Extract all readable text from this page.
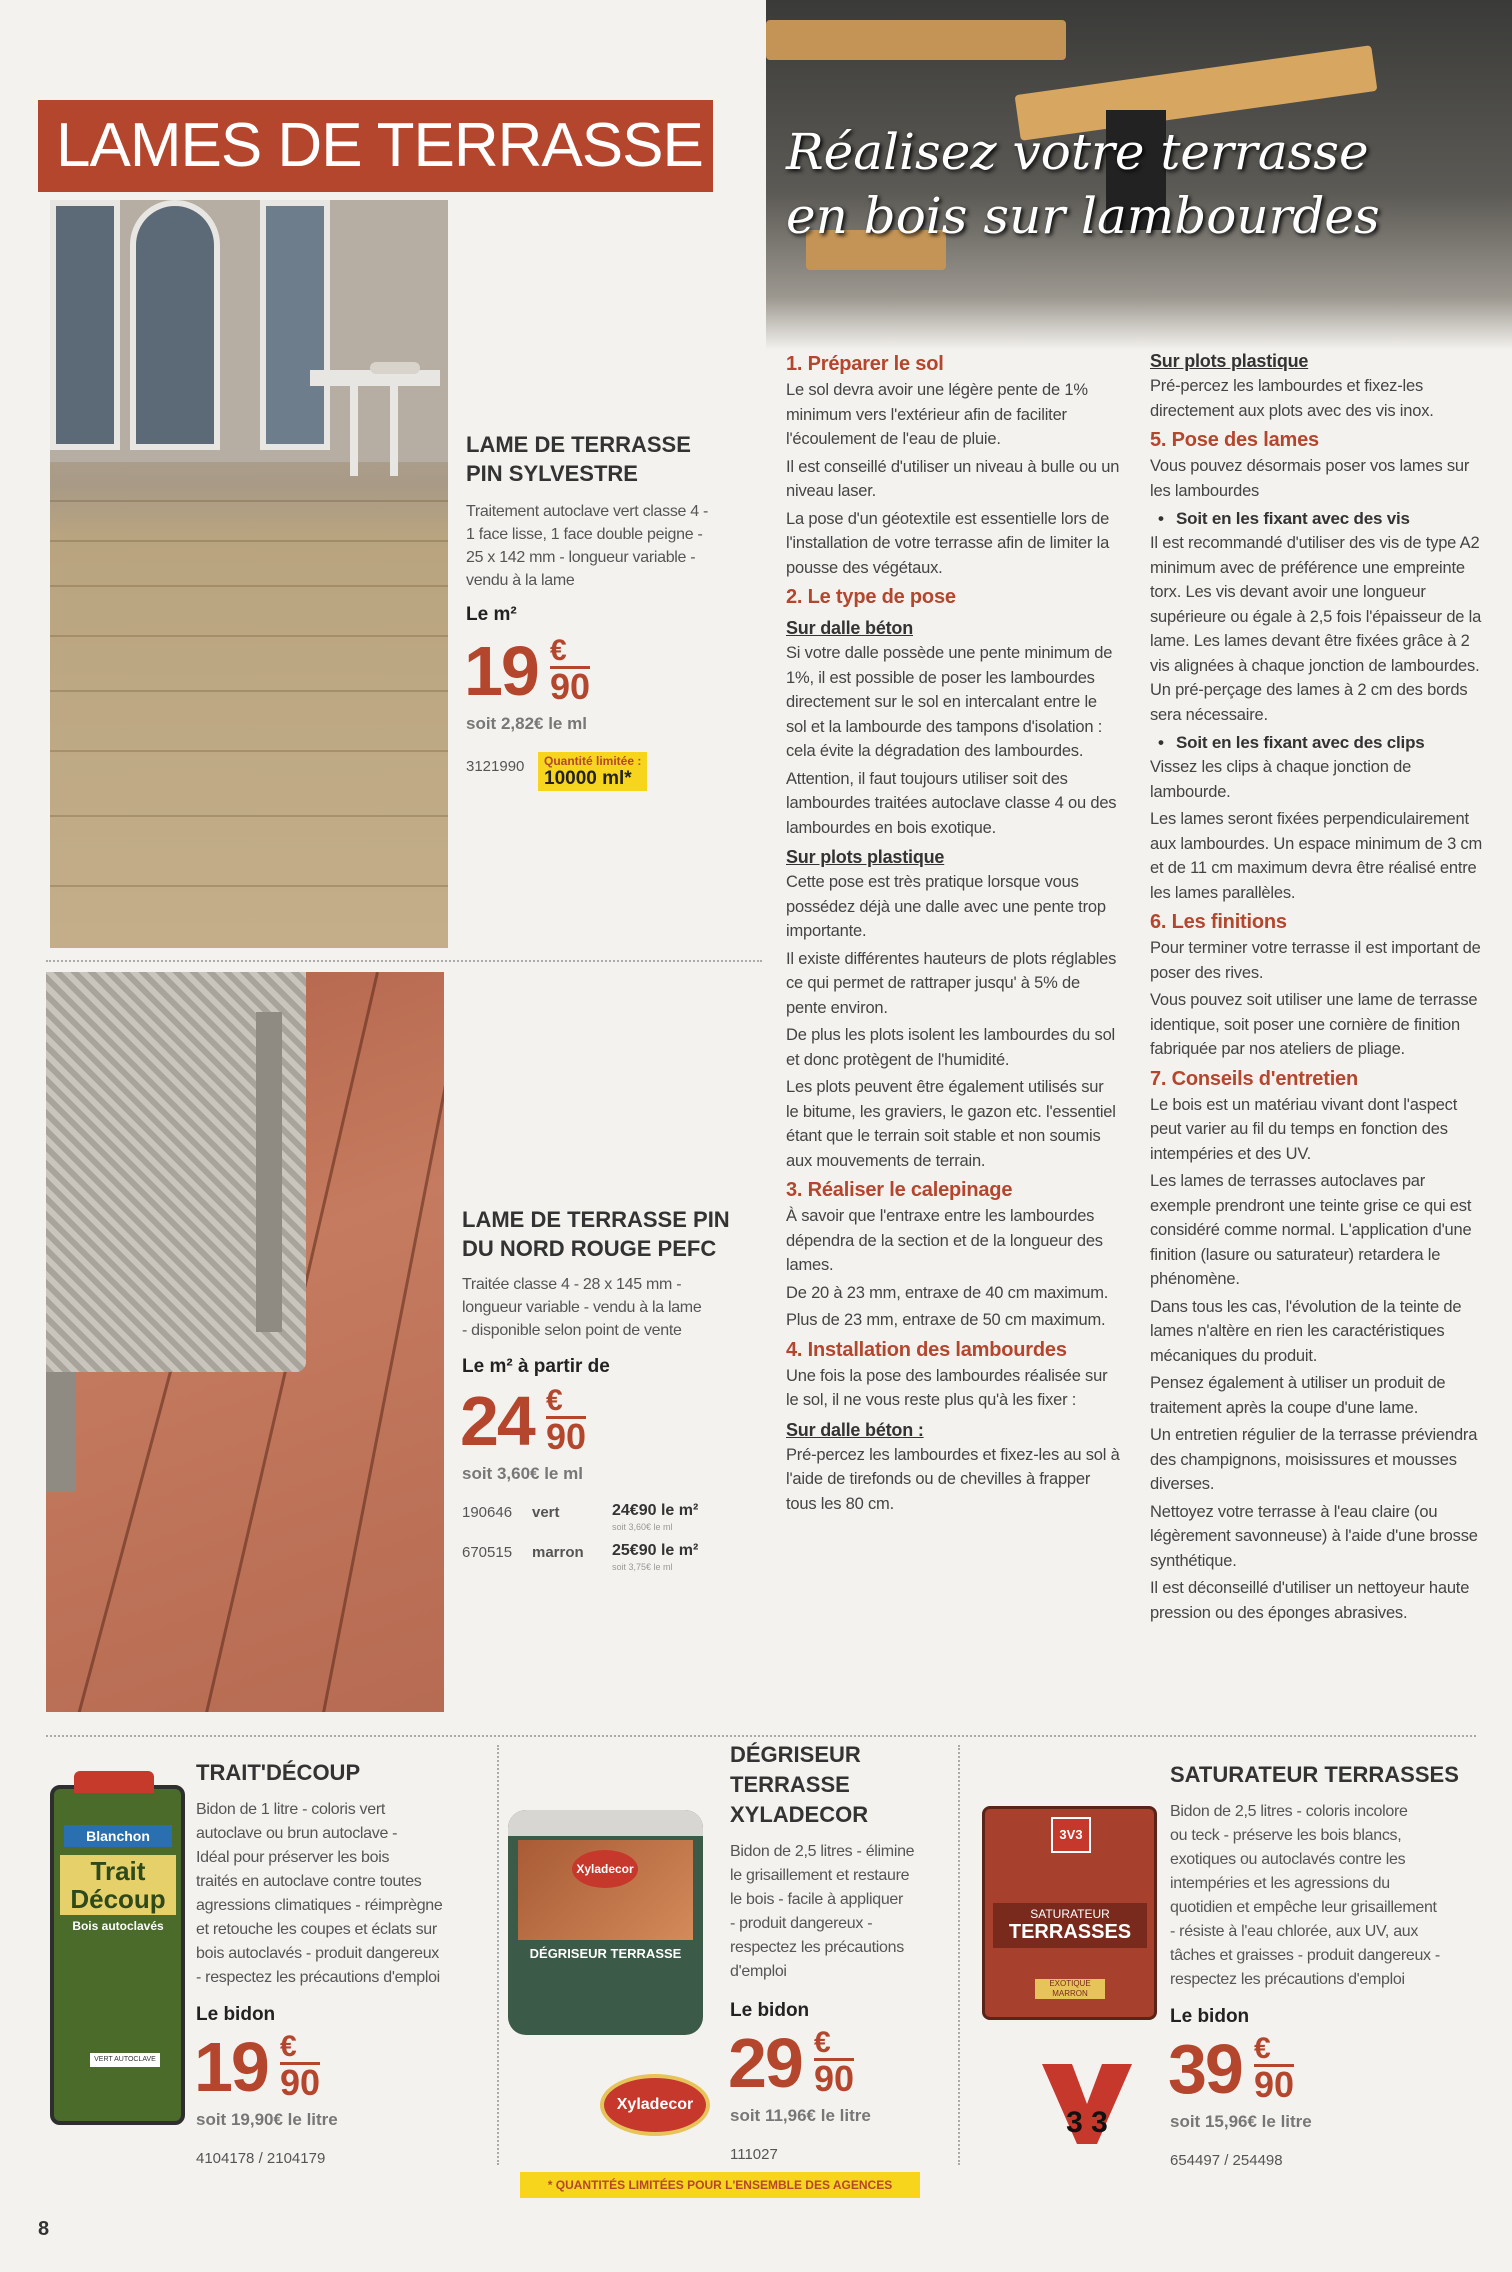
LAMES DE TERRASSE
LAME DE TERRASSE
PIN SYLVESTRE
Traitement autoclave vert classe 4 -
1 face lisse, 1 face double peigne -
25 x 142 mm - longueur variable -
vendu à la lame
Le m²
19 €
90
soit 2,82€ le ml
3121990 Quantité limitée :
10000 ml*
LAME DE TERRASSE PIN
DU NORD ROUGE PEFC
Traitée classe 4 - 28 x 145 mm -
longueur variable - vendu à la lame
- disponible selon point de vente
Le m² à partir de
24 €
90
soit 3,60€ le ml
190646 vert	24€90 le m²
soit 3,60€ le ml
670515 marron 25€90 le m²
soit 3,75€ le ml
Réalisez votre terrasse
en bois sur lambourdes
1. Préparer le sol

Le sol devra avoir une légère pente de 1% minimum vers l'extérieur afin de faciliter l'écoulement de l'eau de pluie.

Il est conseillé d'utiliser un niveau à bulle ou un niveau laser.

La pose d'un géotextile est essentielle lors de l'installation de votre terrasse afin de limiter la pousse des végétaux.

2. Le type de pose
Sur dalle béton

Si votre dalle possède une pente minimum de 1%, il est possible de poser les lambourdes directement sur le sol en intercalant entre le sol et la lambourde des tampons d'isolation : cela évite la dégradation des lambourdes.

Attention, il faut toujours utiliser soit des lambourdes traitées autoclave classe 4 ou des lambourdes en bois exotique.

Sur plots plastique

Cette pose est très pratique lorsque vous possédez déjà une dalle avec une pente trop importante.

Il existe différentes hauteurs de plots réglables ce qui permet de rattraper jusqu' à 5% de pente environ.

De plus les plots isolent les lambourdes du sol et donc protègent de l'humidité.

Les plots peuvent être également utilisés sur le bitume, les graviers, le gazon etc. l'essentiel étant que le terrain soit stable et non soumis aux mouvements de terrain.

3. Réaliser le calepinage

À savoir que l'entraxe entre les lambourdes dépendra de la section et de la longueur des lames.

De 20 à 23 mm, entraxe de 40 cm maximum.

Plus de 23 mm, entraxe de 50 cm maximum.

4. Installation des lambourdes

Une fois la pose des lambourdes réalisée sur le sol, il ne vous reste plus qu'à les fixer :

Sur dalle béton :

Pré-percez les lambourdes et fixez-les au sol à l'aide de tirefonds ou de chevilles à frapper tous les 80 cm.

Sur plots plastique

Pré-percez les lambourdes et fixez-les directement aux plots avec des vis inox.

5. Pose des lames

Vous pouvez désormais poser vos lames sur les lambourdes

• Soit en les fixant avec des vis

Il est recommandé d'utiliser des vis de type A2 minimum avec de préférence une empreinte torx. Les vis devant avoir une longueur supérieure ou égale à 2,5 fois l'épaisseur de la lame. Les lames devant être fixées grâce à 2 vis alignées à chaque jonction de lambourdes. Un pré-perçage des lames à 2 cm des bords sera nécessaire.

• Soit en les fixant avec des clips

Vissez les clips à chaque jonction de lambourde.

Les lames seront fixées perpendiculairement aux lambourdes. Un espace minimum de 3 cm et de 11 cm maximum devra être réalisé entre les lames parallèles.

6. Les finitions

Pour terminer votre terrasse il est important de poser des rives.

Vous pouvez soit utiliser une lame de terrasse identique, soit poser une cornière de finition fabriquée par nos ateliers de pliage.

7. Conseils d'entretien

Le bois est un matériau vivant dont l'aspect peut varier au fil du temps en fonction des intempéries et des UV.

Les lames de terrasses autoclaves par exemple prendront une teinte grise ce qui est considéré comme normal. L'application d'une finition (lasure ou saturateur) retardera le phénomène.

Dans tous les cas, l'évolution de la teinte de lames n'altère en rien les caractéristiques mécaniques du produit.

Pensez également à utiliser un produit de traitement après la coupe d'une lame.

Un entretien régulier de la terrasse préviendra des champignons, moisissures et mousses diverses.

Nettoyez votre terrasse à l'eau claire (ou légèrement savonneuse) à l'aide d'une brosse synthétique.

Il est déconseillé d'utiliser un nettoyeur haute pression ou des éponges abrasives.

Blanchon
Trait
Découp
Bois autoclavés
VERT AUTOCLAVE
TRAIT'DÉCOUP
Bidon de 1 litre - coloris vert
autoclave ou brun autoclave -
Idéal pour préserver les bois
traités en autoclave contre toutes
agressions climatiques - réimprègne
et retouche les coupes et éclats sur
bois autoclavés - produit dangereux
- respectez les précautions d'emploi
Le bidon
19 €
90
soit 19,90€ le litre
4104178 / 2104179
Xyladecor
DÉGRISEUR TERRASSE
DÉGRISEUR
TERRASSE
XYLADECOR
Bidon de 2,5 litres - élimine
le grisaillement et restaure
le bois - facile à appliquer
- produit dangereux -
respectez les précautions
d'emploi
Le bidon
29 €
90
soit 11,96€ le litre
111027
Xyladecor
3V3
SATURATEUR
TERRASSES
EXOTIQUE MARRON
SATURATEUR TERRASSES
Bidon de 2,5 litres - coloris incolore
ou teck - préserve les bois blancs,
exotiques ou autoclavés contre les
intempéries et les agressions du
quotidien et empêche leur grisaillement
- résiste à l'eau chlorée, aux UV, aux
tâches et graisses - produit dangereux -
respectez les précautions d'emploi
Le bidon
39 €
90
soit 15,96€ le litre
654497 / 254498
3 3
* QUANTITÉS LIMITÉES POUR L'ENSEMBLE DES AGENCES
8
